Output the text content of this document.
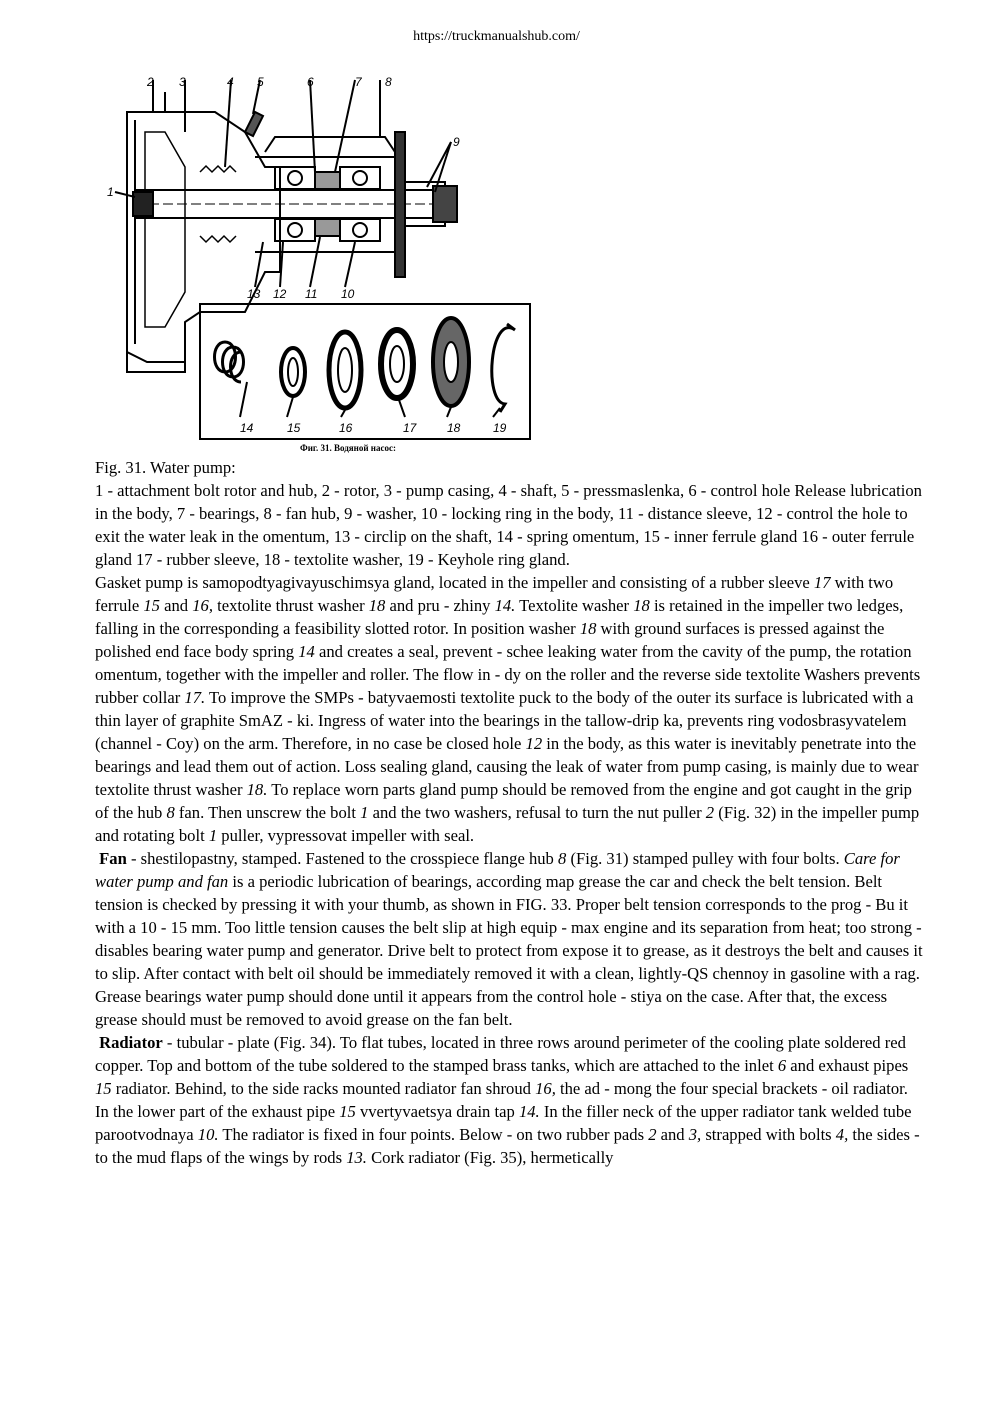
https://truckmanualshub.com/
2 3	4 5	6	7 8
1
9
13 12 11 10
14	15	16	17	18	19
Фиг. 31. Водяной насос:

Fig. 31. Water pump:
1 - attachment bolt rotor and hub, 2 - rotor, 3 - pump casing, 4 - shaft, 5 - pressmaslenka, 6 - control hole Release lubrication in the body, 7 - bearings, 8 - fan hub, 9 - washer, 10 - locking ring in the body, 11 - distance sleeve, 12 - control the hole to exit the water leak in the omentum, 13 - circlip on the shaft, 14 - spring omentum, 15 - inner ferrule gland 16 - outer ferrule gland 17 - rubber sleeve, 18 - textolite washer, 19 - Keyhole ring gland.

Gasket pump is samopodtyagivayuschimsya gland, located in the impeller and consisting of a rubber sleeve 17 with two ferrule 15 and 16, textolite thrust washer 18 and pru - zhiny 14. Textolite washer 18 is retained in the impeller two ledges, falling in the corresponding a feasibility slotted rotor. In position washer 18 with ground surfaces is pressed against the polished end face body spring 14 and creates a seal, prevent - schee leaking water from the cavity of the pump, the rotation omentum, together with the impeller and roller. The flow in - dy on the roller and the reverse side textolite Washers prevents rubber collar 17. To improve the SMPs - batyvaemosti textolite puck to the body of the outer its surface is lubricated with a thin layer of graphite SmAZ - ki. Ingress of water into the bearings in the tallow-drip ka, prevents ring vodosbrasyvatelem (channel - Coy) on the arm. Therefore, in no case be closed hole 12 in the body, as this water is inevitably penetrate into the bearings and lead them out of action. Loss sealing gland, causing the leak of water from pump casing, is mainly due to wear textolite thrust washer 18. To replace worn parts gland pump should be removed from the engine and got caught in the grip of the hub 8 fan. Then unscrew the bolt 1 and the two washers, refusal to turn the nut puller 2 (Fig. 32) in the impeller pump and rotating bolt 1 puller, vypressovat impeller with seal.

Fan - shestilopastny, stamped. Fastened to the crosspiece flange hub 8 (Fig. 31) stamped pulley with four bolts. Care for water pump and fan is a periodic lubrication of bearings, according map grease the car and check the belt tension. Belt tension is checked by pressing it with your thumb, as shown in FIG. 33. Proper belt tension corresponds to the prog - Bu it with a 10 - 15 mm. Too little tension causes the belt slip at high equip - max engine and its separation from heat; too strong - disables bearing water pump and generator. Drive belt to protect from expose it to grease, as it destroys the belt and causes it to slip. After contact with belt oil should be immediately removed it with a clean, lightly-QS chennoy in gasoline with a rag. Grease bearings water pump should done until it appears from the control hole - stiya on the case. After that, the excess grease should must be removed to avoid grease on the fan belt.

Radiator - tubular - plate (Fig. 34). To flat tubes, located in three rows around perimeter of the cooling plate soldered red copper. Top and bottom of the tube soldered to the stamped brass tanks, which are attached to the inlet 6 and exhaust pipes 15 radiator. Behind, to the side racks mounted radiator fan shroud 16, the ad - mong the four special brackets - oil radiator. In the lower part of the exhaust pipe 15 vvertyvaetsya drain tap 14. In the filler neck of the upper radiator tank welded tube parootvodnaya 10. The radiator is fixed in four points. Below - on two rubber pads 2 and 3, strapped with bolts 4, the sides - to the mud flaps of the wings by rods 13. Cork radiator (Fig. 35), hermetically
